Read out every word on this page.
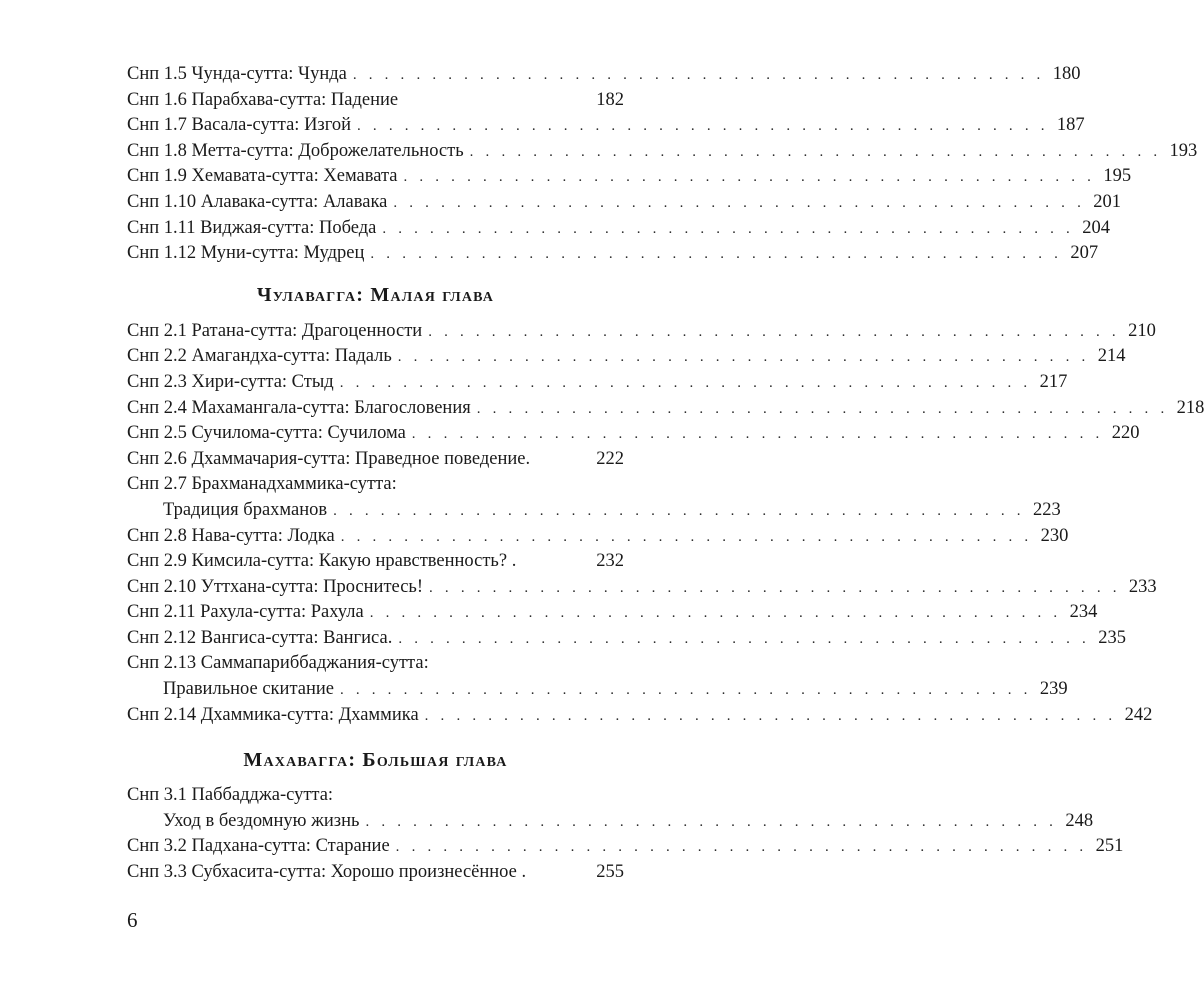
Снп 1.5 Чунда-сутта: Чунда . . . . . . . . . . . . . . . . . . . . . . . . . . . . . . . . . . . . . . . . . . . . 180
Снп 1.6 Парабхава-сутта: Падение	182
Снп 1.7 Васала-сутта: Изгой . . . . . . . . . . . . . . . . . . . . . . . . . . . . . . . . . . . . . . . . . . . . 187
Снп 1.8 Метта-сутта: Доброжелательность . . . . . . . . . . . . . . . . . . . . . . . . . . . . . . . . . . . . . . . . . . . . 193
Снп 1.9 Хемавата-сутта: Хемавата . . . . . . . . . . . . . . . . . . . . . . . . . . . . . . . . . . . . . . . . . . . . 195
Снп 1.10 Алавака-сутта: Алавака . . . . . . . . . . . . . . . . . . . . . . . . . . . . . . . . . . . . . . . . . . . . 201
Снп 1.11 Виджая-сутта: Победа . . . . . . . . . . . . . . . . . . . . . . . . . . . . . . . . . . . . . . . . . . . . 204
Снп 1.12 Муни-сутта: Мудрец . . . . . . . . . . . . . . . . . . . . . . . . . . . . . . . . . . . . . . . . . . . . 207
Чулавагга: Малая глава
Снп 2.1 Ратана-сутта: Драгоценности . . . . . . . . . . . . . . . . . . . . . . . . . . . . . . . . . . . . . . . . . . . . 210
Снп 2.2 Амагандха-сутта: Падаль . . . . . . . . . . . . . . . . . . . . . . . . . . . . . . . . . . . . . . . . . . . . 214
Снп 2.3 Хири-сутта: Стыд . . . . . . . . . . . . . . . . . . . . . . . . . . . . . . . . . . . . . . . . . . . . 217
Снп 2.4 Махамангала-сутта: Благословения . . . . . . . . . . . . . . . . . . . . . . . . . . . . . . . . . . . . . . . . . . . . 218
Снп 2.5 Сучилома-сутта: Сучилома . . . . . . . . . . . . . . . . . . . . . . . . . . . . . . . . . . . . . . . . . . . . 220
Снп 2.6 Дхаммачария-сутта: Праведное поведение.	222
Снп 2.7 Брахманадхаммика-сутта:
Традиция брахманов . . . . . . . . . . . . . . . . . . . . . . . . . . . . . . . . . . . . . . . . . . . . 223
Снп 2.8 Нава-сутта: Лодка . . . . . . . . . . . . . . . . . . . . . . . . . . . . . . . . . . . . . . . . . . . . 230
Снп 2.9 Кимсила-сутта: Какую нравственность? .	232
Снп 2.10 Уттхана-сутта: Проснитесь! . . . . . . . . . . . . . . . . . . . . . . . . . . . . . . . . . . . . . . . . . . . . 233
Снп 2.11 Рахула-сутта: Рахула . . . . . . . . . . . . . . . . . . . . . . . . . . . . . . . . . . . . . . . . . . . . 234
Снп 2.12 Вангиса-сутта: Вангиса. . . . . . . . . . . . . . . . . . . . . . . . . . . . . . . . . . . . . . . . . . . . . 235
Снп 2.13 Саммапариббаджания-сутта:
Правильное скитание . . . . . . . . . . . . . . . . . . . . . . . . . . . . . . . . . . . . . . . . . . . . 239
Снп 2.14 Дхаммика-сутта: Дхаммика . . . . . . . . . . . . . . . . . . . . . . . . . . . . . . . . . . . . . . . . . . . . 242
Махавагга: Большая глава
Снп 3.1 Паббадджа-сутта:
Уход в бездомную жизнь . . . . . . . . . . . . . . . . . . . . . . . . . . . . . . . . . . . . . . . . . . . . 248
Снп 3.2 Падхана-сутта: Старание . . . . . . . . . . . . . . . . . . . . . . . . . . . . . . . . . . . . . . . . . . . . 251
Снп 3.3 Субхасита-сутта: Хорошо произнесённое .	255
6
